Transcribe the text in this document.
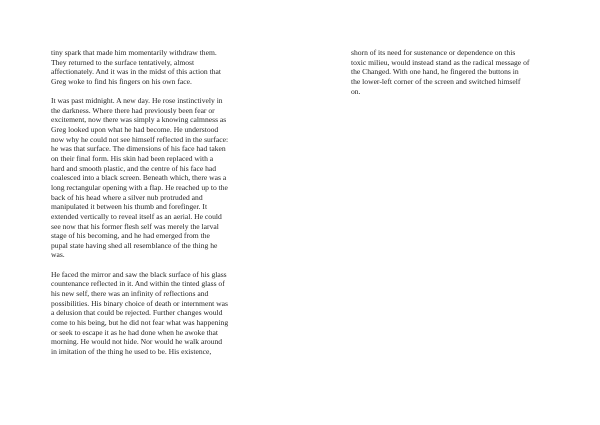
tiny spark that made him momentarily withdraw them.
They returned to the surface tentatively, almost
affectionately. And it was in the midst of this action that
Greg woke to find his fingers on his own face.
It was past midnight. A new day. He rose instinctively in
the darkness. Where there had previously been fear or
excitement, now there was simply a knowing calmness as
Greg looked upon what he had become. He understood
now why he could not see himself reflected in the surface:
he was that surface. The dimensions of his face had taken
on their final form. His skin had been replaced with a
hard and smooth plastic, and the centre of his face had
coalesced into a black screen. Beneath which, there was a
long rectangular opening with a flap. He reached up to the
back of his head where a silver nub protruded and
manipulated it between his thumb and forefinger. It
extended vertically to reveal itself as an aerial. He could
see now that his former flesh self was merely the larval
stage of his becoming, and he had emerged from the
pupal state having shed all resemblance of the thing he
was.
He faced the mirror and saw the black surface of his glass
countenance reflected in it. And within the tinted glass of
his new self, there was an infinity of reflections and
possibilities. His binary choice of death or internment was
a delusion that could be rejected. Further changes would
come to his being, but he did not fear what was happening
or seek to escape it as he had done when he awoke that
morning. He would not hide. Nor would he walk around
in imitation of the thing he used to be. His existence,
shorn of its need for sustenance or dependence on this
toxic milieu, would instead stand as the radical message of
the Changed. With one hand, he fingered the buttons in
the lower-left corner of the screen and switched himself
on.
